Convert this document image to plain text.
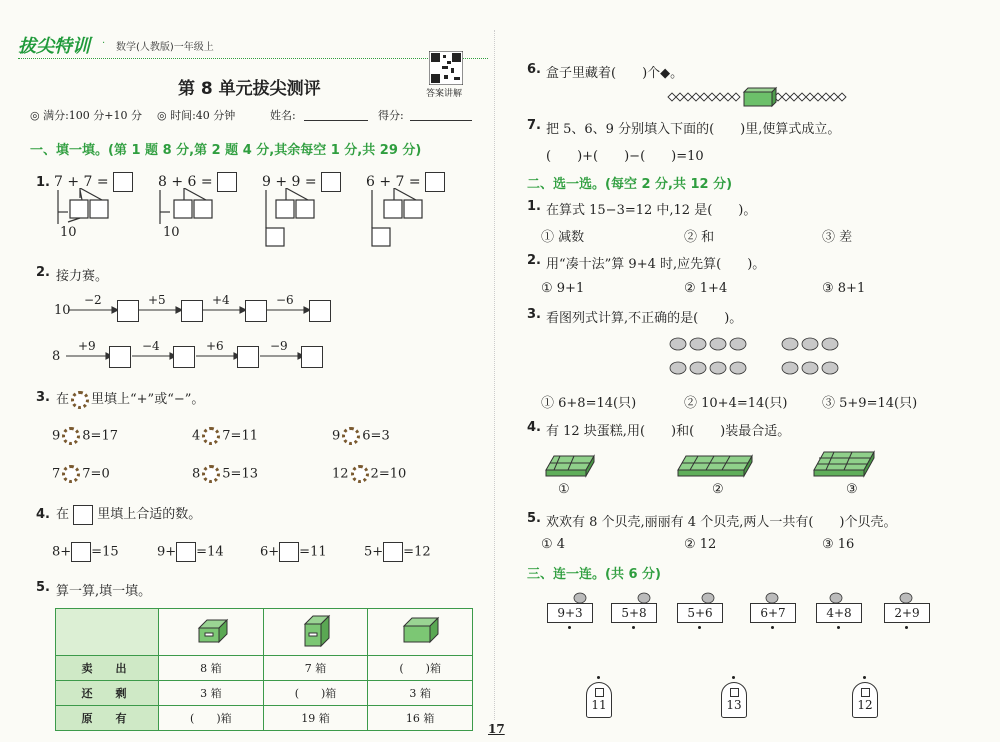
拔尖特训 · 数学(人教版)一年级上
答案讲解
第 8 单元拔尖测评
◎ 满分:100 分+10 分 ◎ 时间:40 分钟	姓名:	得分:
一、填一填。(第 1 题 8 分,第 2 题 4 分,其余每空 1 分,共 29 分)
1. 7 + 7 =	8 + 6 =	9 + 9 =	6 + 7 =
10	10
2. 接力赛。
10
8
−2	+5	+4	−6
+9	−4	+6	−9
3. 在 里填上“+”或“−”。
9 8=17	4 7=11	9 6=3
7 7=0	8 5=13	12 2=10
4. 在 里填上合适的数。
8+ =15	9+ =14	6+ =11	5+ =12
5. 算一算,填一填。

卖　出	8 箱	7 箱	(　　)箱
还　剩	3 箱	(　　)箱	3 箱
原　有	(　　)箱	19 箱	16 箱
6. 盒子里藏着(　　)个◆。
7. 把 5、6、9 分别填入下面的(　　)里,使算式成立。
(　　)+(　　)−(　　)=10
二、选一选。(每空 2 分,共 12 分)
1. 在算式 15−3=12 中,12 是(　　)。
① 减数	② 和	③ 差
2. 用“凑十法”算 9+4 时,应先算(　　)。
① 9+1	② 1+4	③ 8+1
3. 看图列式计算,不正确的是(　　)。
① 6+8=14(只)	② 10+4=14(只)	③ 5+9=14(只)
4. 有 12 块蛋糕,用(　　)和(　　)装最合适。
①	②	③
5. 欢欢有 8 个贝壳,丽丽有 4 个贝壳,两人一共有(　　)个贝壳。
① 4	② 12	③ 16
三、连一连。(共 6 分)
9+3	5+8	5+6	6+7	4+8	2+9
11	13	12
17
